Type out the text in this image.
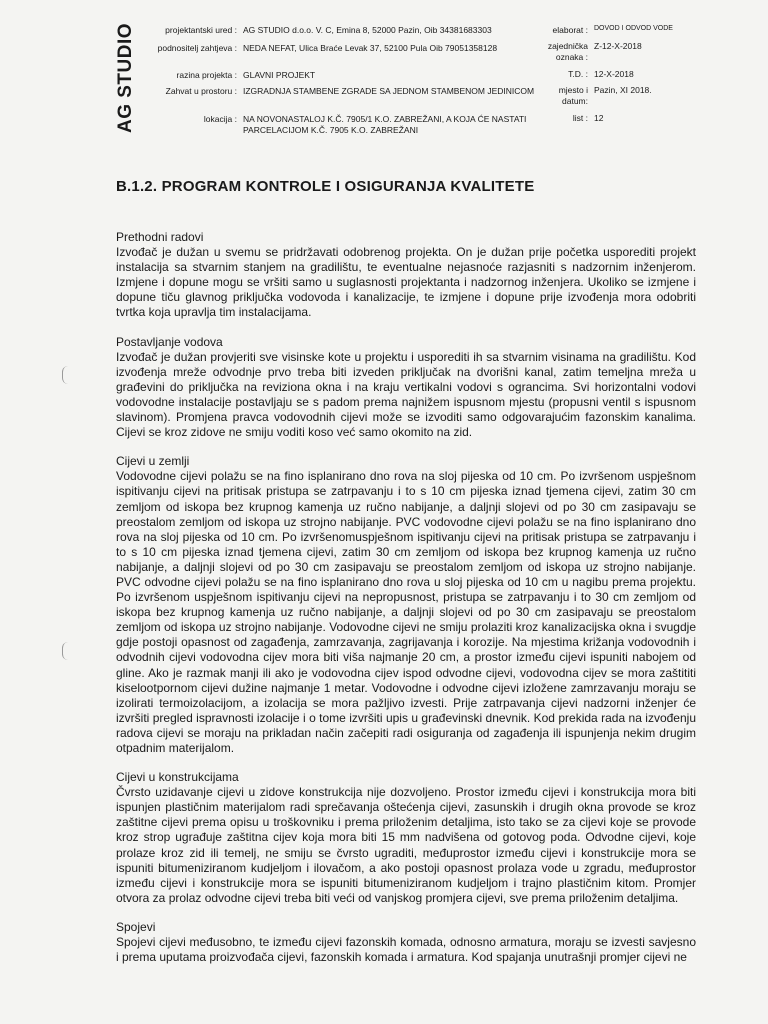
AG STUDIO	projektantski ured : AG STUDIO d.o.o. V. C, Emina 8, 52000 Pazin, Oib 34381683303
podnositelj zahtjeva : NEDA NEFAT, Ulica Braće Levak 37, 52100 Pula Oib 79051358128
razina projekta : GLAVNI PROJEKT
Zahvat u prostoru : IZGRADNJA STAMBENE ZGRADE SA JEDNOM STAMBENOM JEDINICOM
lokacija : NA NOVONASTALOJ K.Č. 7905/1 K.O. ZABREŽANI, A KOJA ĆE NASTATI
PARCELACIJOM K.Č. 7905 K.O. ZABREŽANI
elaborat : DOVOD I ODVOD VODE
zajednička
oznaka :
Z-12-X-2018
T.D. : 12-X-2018
mjesto i
datum:
Pazin, XI 2018.
list : 12
B.1.2. PROGRAM KONTROLE I OSIGURANJA KVALITETE
Prethodni radovi

Izvođač je dužan u svemu se pridržavati odobrenog projekta. On je dužan prije početka usporediti projekt instalacija sa stvarnim stanjem na gradilištu, te eventualne nejasnoće razjasniti s nadzornim inženjerom. Izmjene i dopune mogu se vršiti samo u suglasnosti projektanta i nadzornog inženjera. Ukoliko se izmjene i dopune tiču glavnog priključka vodovoda i kanalizacije, te izmjene i dopune prije izvođenja mora odobriti tvrtka koja upravlja tim instalacijama.

Postavljanje vodova

Izvođač je dužan provjeriti sve visinske kote u projektu i usporediti ih sa stvarnim visinama na gradilištu. Kod izvođenja mreže odvodnje prvo treba biti izveden priključak na dvorišni kanal, zatim temeljna mreža u građevini do priključka na reviziona okna i na kraju vertikalni vodovi s ograncima. Svi horizontalni vodovi vodovodne instalacije postavljaju se s padom prema najnižem ispusnom mjestu (propusni ventil s ispusnom slavinom). Promjena pravca vodovodnih cijevi može se izvoditi samo odgovarajućim fazonskim kanalima. Cijevi se kroz zidove ne smiju voditi koso već samo okomito na zid.

Cijevi u zemlji

Vodovodne cijevi polažu se na fino isplanirano dno rova na sloj pijeska od 10 cm. Po izvršenom uspješnom ispitivanju cijevi na pritisak pristupa se zatrpavanju i to s 10 cm pijeska iznad tjemena cijevi, zatim 30 cm zemljom od iskopa bez krupnog kamenja uz ručno nabijanje, a daljnji slojevi od po 30 cm zasipavaju se preostalom zemljom od iskopa uz strojno nabijanje. PVC vodovodne cijevi polažu se na fino isplanirano dno rova na sloj pijeska od 10 cm. Po izvršenomuspješnom ispitivanju cijevi na pritisak pristupa se zatrpavanju i to s 10 cm pijeska iznad tjemena cijevi, zatim 30 cm zemljom od iskopa bez krupnog kamenja uz ručno nabijanje, a daljnji slojevi od po 30 cm zasipavaju se preostalom zemljom od iskopa uz strojno nabijanje. PVC odvodne cijevi polažu se na fino isplanirano dno rova u sloj pijeska od 10 cm u nagibu prema projektu. Po izvršenom uspješnom ispitivanju cijevi na nepropusnost, pristupa se zatrpavanju i to 30 cm zemljom od iskopa bez krupnog kamenja uz ručno nabijanje, a daljnji slojevi od po 30 cm zasipavaju se preostalom zemljom od iskopa uz strojno nabijanje. Vodovodne cijevi ne smiju prolaziti kroz kanalizacijska okna i svugdje gdje postoji opasnost od zagađenja, zamrzavanja, zagrijavanja i korozije. Na mjestima križanja vodovodnih i odvodnih cijevi vodovodna cijev mora biti viša najmanje 20 cm, a prostor između cijevi ispuniti nabojem od gline. Ako je razmak manji ili ako je vodovodna cijev ispod odvodne cijevi, vodovodna cijev se mora zaštititi kiselootpornom cijevi dužine najmanje 1 metar. Vodovodne i odvodne cijevi izložene zamrzavanju moraju se izolirati termoizolacijom, a izolacija se mora pažljivo izvesti. Prije zatrpavanja cijevi nadzorni inženjer će izvršiti pregled ispravnosti izolacije i o tome izvršiti upis u građevinski dnevnik. Kod prekida rada na izvođenju radova cijevi se moraju na prikladan način začepiti radi osiguranja od zagađenja ili ispunjenja nekim drugim otpadnim materijalom.

Cijevi u konstrukcijama

Čvrsto uzidavanje cijevi u zidove konstrukcija nije dozvoljeno. Prostor između cijevi i konstrukcija mora biti ispunjen plastičnim materijalom radi sprečavanja oštećenja cijevi, zasunskih i drugih okna provode se kroz zaštitne cijevi prema opisu u troškovniku i prema priloženim detaljima, isto tako se za cijevi koje se provode kroz strop ugrađuje zaštitna cijev koja mora biti 15 mm nadvišena od gotovog poda. Odvodne cijevi, koje prolaze kroz zid ili temelj, ne smiju se čvrsto ugraditi, međuprostor između cijevi i konstrukcije mora se ispuniti bitumeniziranom kudjeljom i ilovačom, a ako postoji opasnost prolaza vode u zgradu, međuprostor između cijevi i konstrukcije mora se ispuniti bitumeniziranom kudjeljom i trajno plastičnim kitom. Promjer otvora za prolaz odvodne cijevi treba biti veći od vanjskog promjera cijevi, sve prema priloženim detaljima.

Spojevi

Spojevi cijevi međusobno, te između cijevi fazonskih komada, odnosno armatura, moraju se izvesti savjesno i prema uputama proizvođača cijevi, fazonskih komada i armatura. Kod spajanja unutrašnji promjer cijevi ne
